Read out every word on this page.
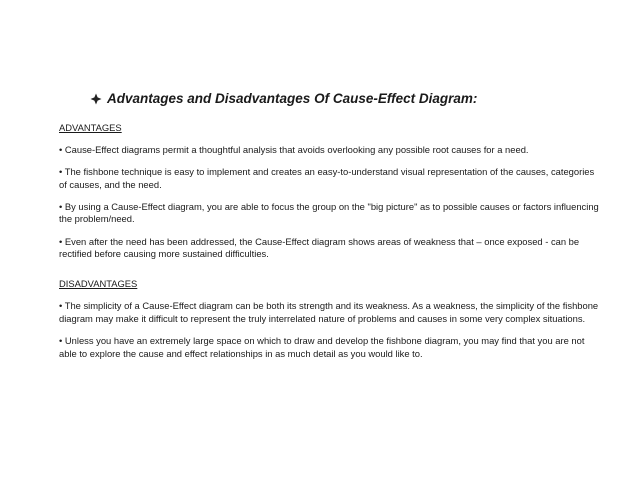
Advantages and Disadvantages Of Cause-Effect Diagram:
ADVANTAGES
• Cause-Effect diagrams permit a thoughtful analysis that avoids overlooking any possible root causes for a need.
• The fishbone technique is easy to implement and creates an easy-to-understand visual representation of the causes, categories of causes, and the need.
• By using a Cause-Effect diagram, you are able to focus the group on the "big picture" as to possible causes or factors influencing the problem/need.
• Even after the need has been addressed, the Cause-Effect diagram shows areas of weakness that – once exposed - can be rectified before causing more sustained difficulties.
DISADVANTAGES
• The simplicity of a Cause-Effect diagram can be both its strength and its weakness. As a weakness, the simplicity of the fishbone diagram may make it difficult to represent the truly interrelated nature of problems and causes in some very complex situations.
• Unless you have an extremely large space on which to draw and develop the fishbone diagram, you may find that you are not able to explore the cause and effect relationships in as much detail as you would like to.
